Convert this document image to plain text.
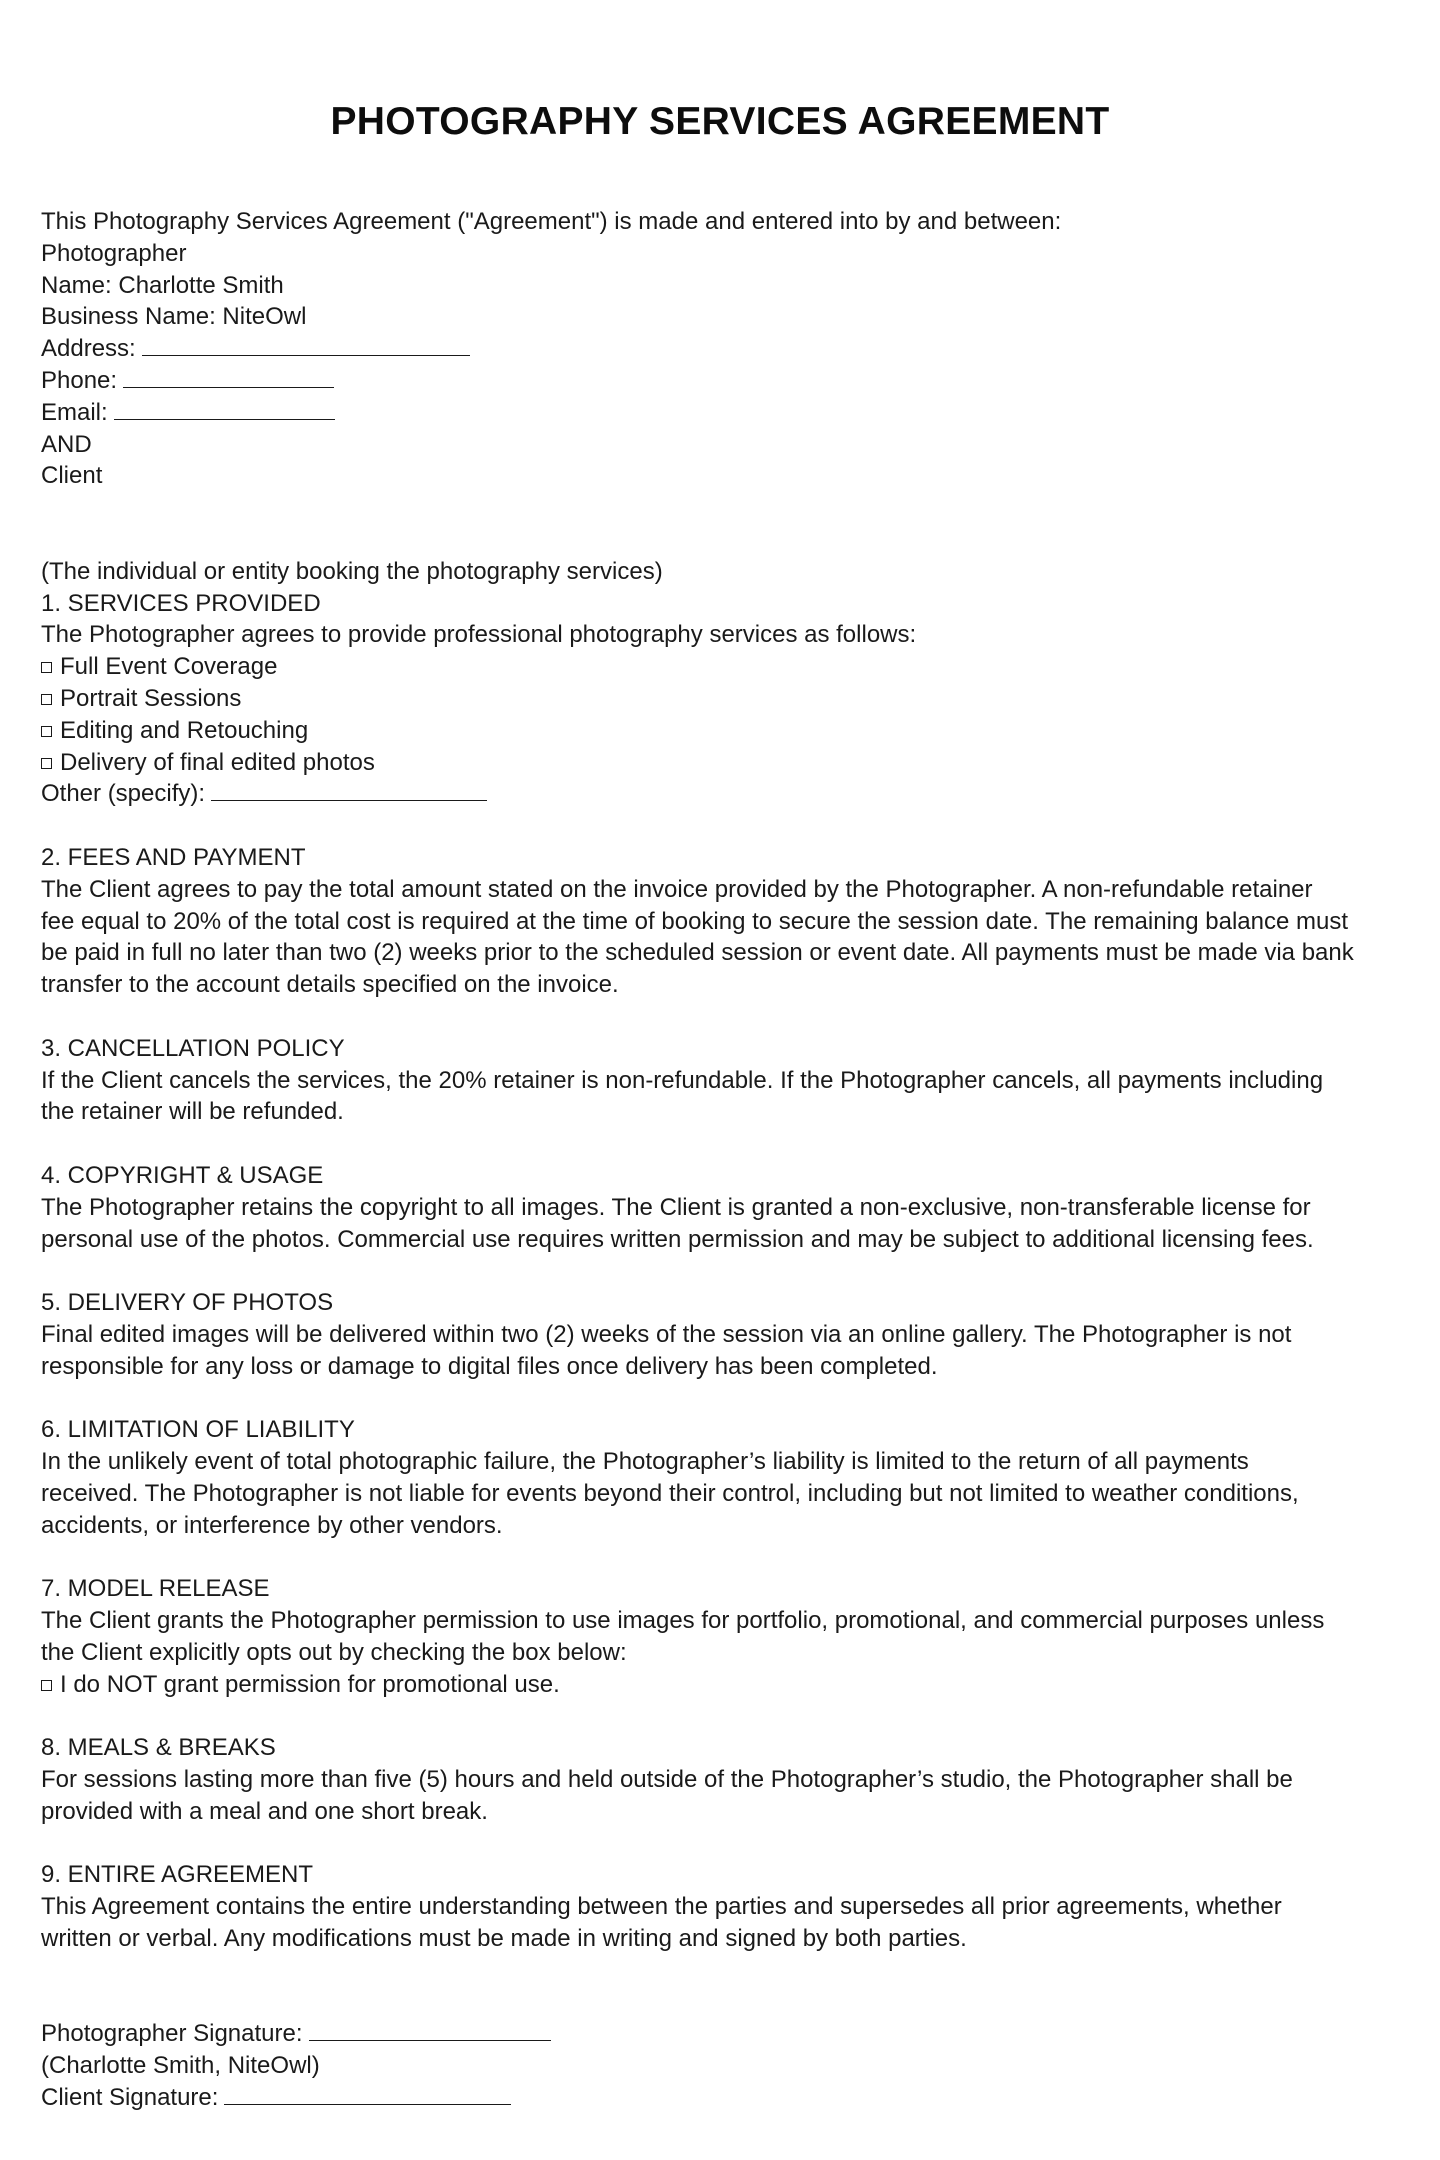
PHOTOGRAPHY SERVICES AGREEMENT
This Photography Services Agreement ("Agreement") is made and entered into by and between:
Photographer
Name: Charlotte Smith
Business Name: NiteOwl
Address:
Phone:
Email:
AND
Client
(The individual or entity booking the photography services)
1. SERVICES PROVIDED
The Photographer agrees to provide professional photography services as follows:
Full Event Coverage
Portrait Sessions
Editing and Retouching
Delivery of final edited photos
Other (specify):
2. FEES AND PAYMENT
The Client agrees to pay the total amount stated on the invoice provided by the Photographer. A non-refundable retainer
fee equal to 20% of the total cost is required at the time of booking to secure the session date. The remaining balance must
be paid in full no later than two (2) weeks prior to the scheduled session or event date. All payments must be made via bank
transfer to the account details specified on the invoice.
3. CANCELLATION POLICY
If the Client cancels the services, the 20% retainer is non-refundable. If the Photographer cancels, all payments including
the retainer will be refunded.
4. COPYRIGHT & USAGE
The Photographer retains the copyright to all images. The Client is granted a non-exclusive, non-transferable license for
personal use of the photos. Commercial use requires written permission and may be subject to additional licensing fees.
5. DELIVERY OF PHOTOS
Final edited images will be delivered within two (2) weeks of the session via an online gallery. The Photographer is not
responsible for any loss or damage to digital files once delivery has been completed.
6. LIMITATION OF LIABILITY
In the unlikely event of total photographic failure, the Photographer’s liability is limited to the return of all payments
received. The Photographer is not liable for events beyond their control, including but not limited to weather conditions,
accidents, or interference by other vendors.
7. MODEL RELEASE
The Client grants the Photographer permission to use images for portfolio, promotional, and commercial purposes unless
the Client explicitly opts out by checking the box below:
I do NOT grant permission for promotional use.
8. MEALS & BREAKS
For sessions lasting more than five (5) hours and held outside of the Photographer’s studio, the Photographer shall be
provided with a meal and one short break.
9. ENTIRE AGREEMENT
This Agreement contains the entire understanding between the parties and supersedes all prior agreements, whether
written or verbal. Any modifications must be made in writing and signed by both parties.
Photographer Signature:
(Charlotte Smith, NiteOwl)
Client Signature:
